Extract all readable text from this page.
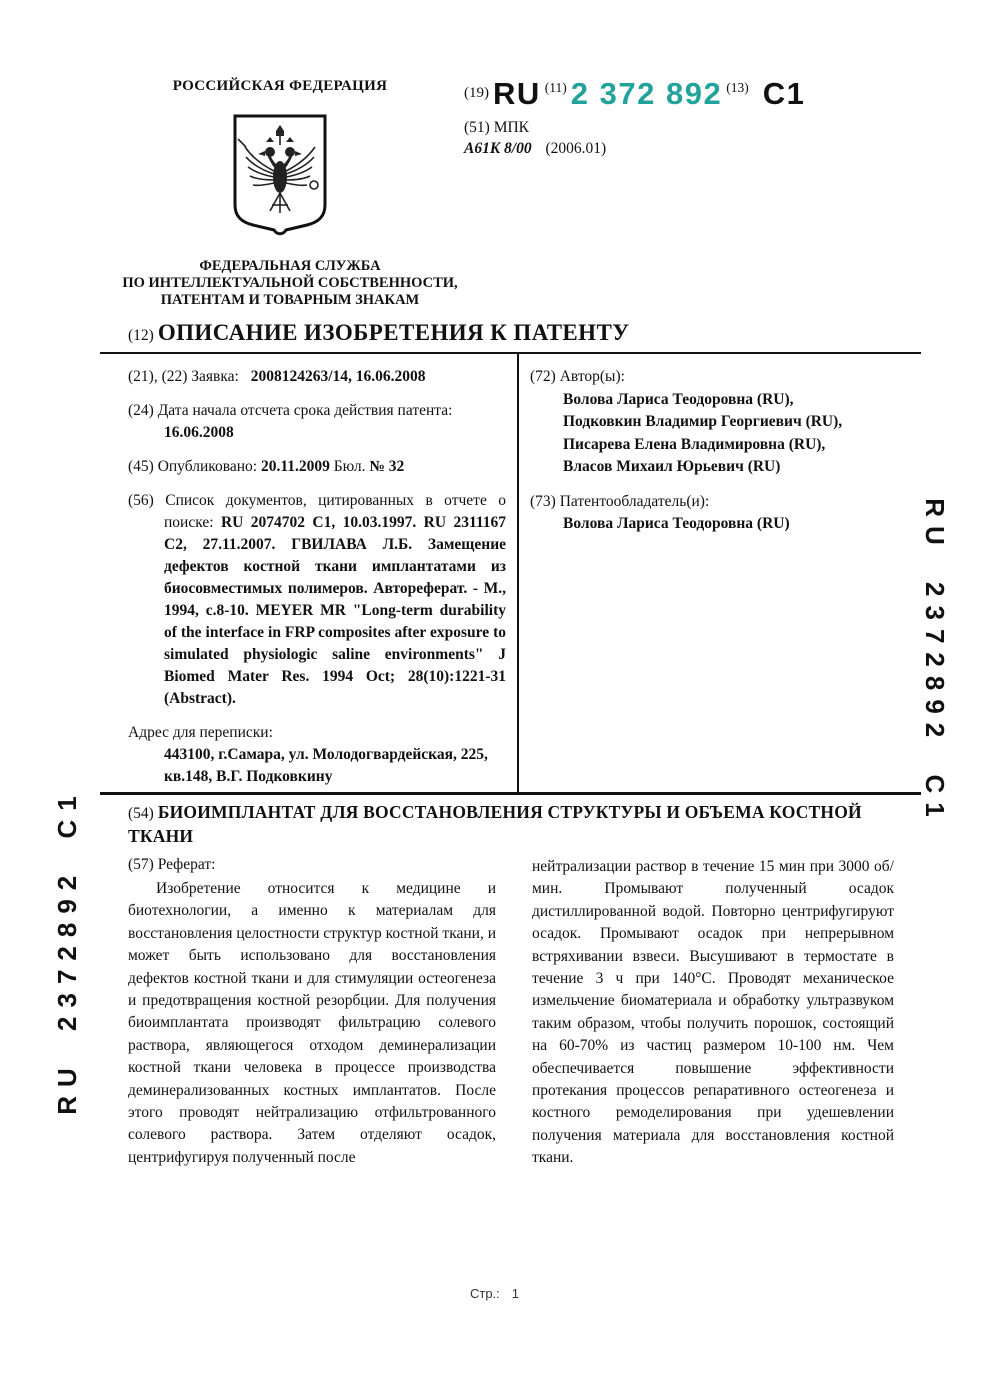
РОССИЙСКАЯ ФЕДЕРАЦИЯ	(19) RU $^{(11)}$ 2 372 892 $^{(13)}$ C1
(51) МПК
A61K 8/00 (2006.01)
ФЕДЕРАЛЬНАЯ СЛУЖБА
ПО ИНТЕЛЛЕКТУАЛЬНОЙ СОБСТВЕННОСТИ,
ПАТЕНТАМ И ТОВАРНЫМ ЗНАКАМ
(12) ОПИСАНИЕ ИЗОБРЕТЕНИЯ К ПАТЕНТУ
(21), (22) Заявка: 2008124263/14, 16.06.2008
(24) Дата начала отсчета срока действия патента:
16.06.2008
(45) Опубликовано: 20.11.2009 Бюл. № 32
(56) Список документов, цитированных в отчете о поиске: RU 2074702 C1, 10.03.1997. RU 2311167 C2, 27.11.2007. ГВИЛАВА Л.Б. Замещение дефектов костной ткани имплантатами из биосовместимых полимеров. Автореферат. - М., 1994, с.8-10. MEYER MR "Long-term durability of the interface in FRP composites after exposure to simulated physiologic saline environments" J Biomed Mater Res. 1994 Oct; 28(10):1221-31 (Abstract).
Адрес для переписки:
443100, г.Самара, ул. Молодогвардейская, 225, кв.148, В.Г. Подковкину
(72) Автор(ы):
Волова Лариса Теодоровна (RU),
Подковкин Владимир Георгиевич (RU),
Писарева Елена Владимировна (RU),
Власов Михаил Юрьевич (RU)
(73) Патентообладатель(и):
Волова Лариса Теодоровна (RU)
(54) БИОИМПЛАНТАТ ДЛЯ ВОССТАНОВЛЕНИЯ СТРУКТУРЫ И ОБЪЕМА КОСТНОЙ ТКАНИ
(57) Реферат:
Изобретение относится к медицине и биотехнологии, а именно к материалам для восстановления целостности структур костной ткани, и может быть использовано для восстановления дефектов костной ткани и для стимуляции остеогенеза и предотвращения костной резорбции. Для получения биоимплантата производят фильтрацию солевого раствора, являющегося отходом деминерализации костной ткани человека в процессе производства деминерализованных костных имплантатов. После этого проводят нейтрализацию отфильтрованного солевого раствора. Затем отделяют осадок, центрифугируя полученный после
нейтрализации раствор в течение 15 мин при 3000 об/мин. Промывают полученный осадок дистиллированной водой. Повторно центрифугируют осадок. Промывают осадок при непрерывном встряхивании взвеси. Высушивают в термостате в течение 3 ч при 140°С. Проводят механическое измельчение биоматериала и обработку ультразвуком таким образом, чтобы получить порошок, состоящий на 60-70% из частиц размером 10-100 нм. Чем обеспечивается повышение эффективности протекания процессов репаративного остеогенеза и костного ремоделирования при удешевлении получения материала для восстановления костной ткани.
RU 2372892 C1
RU 2372892 C1
Стр.: 1
